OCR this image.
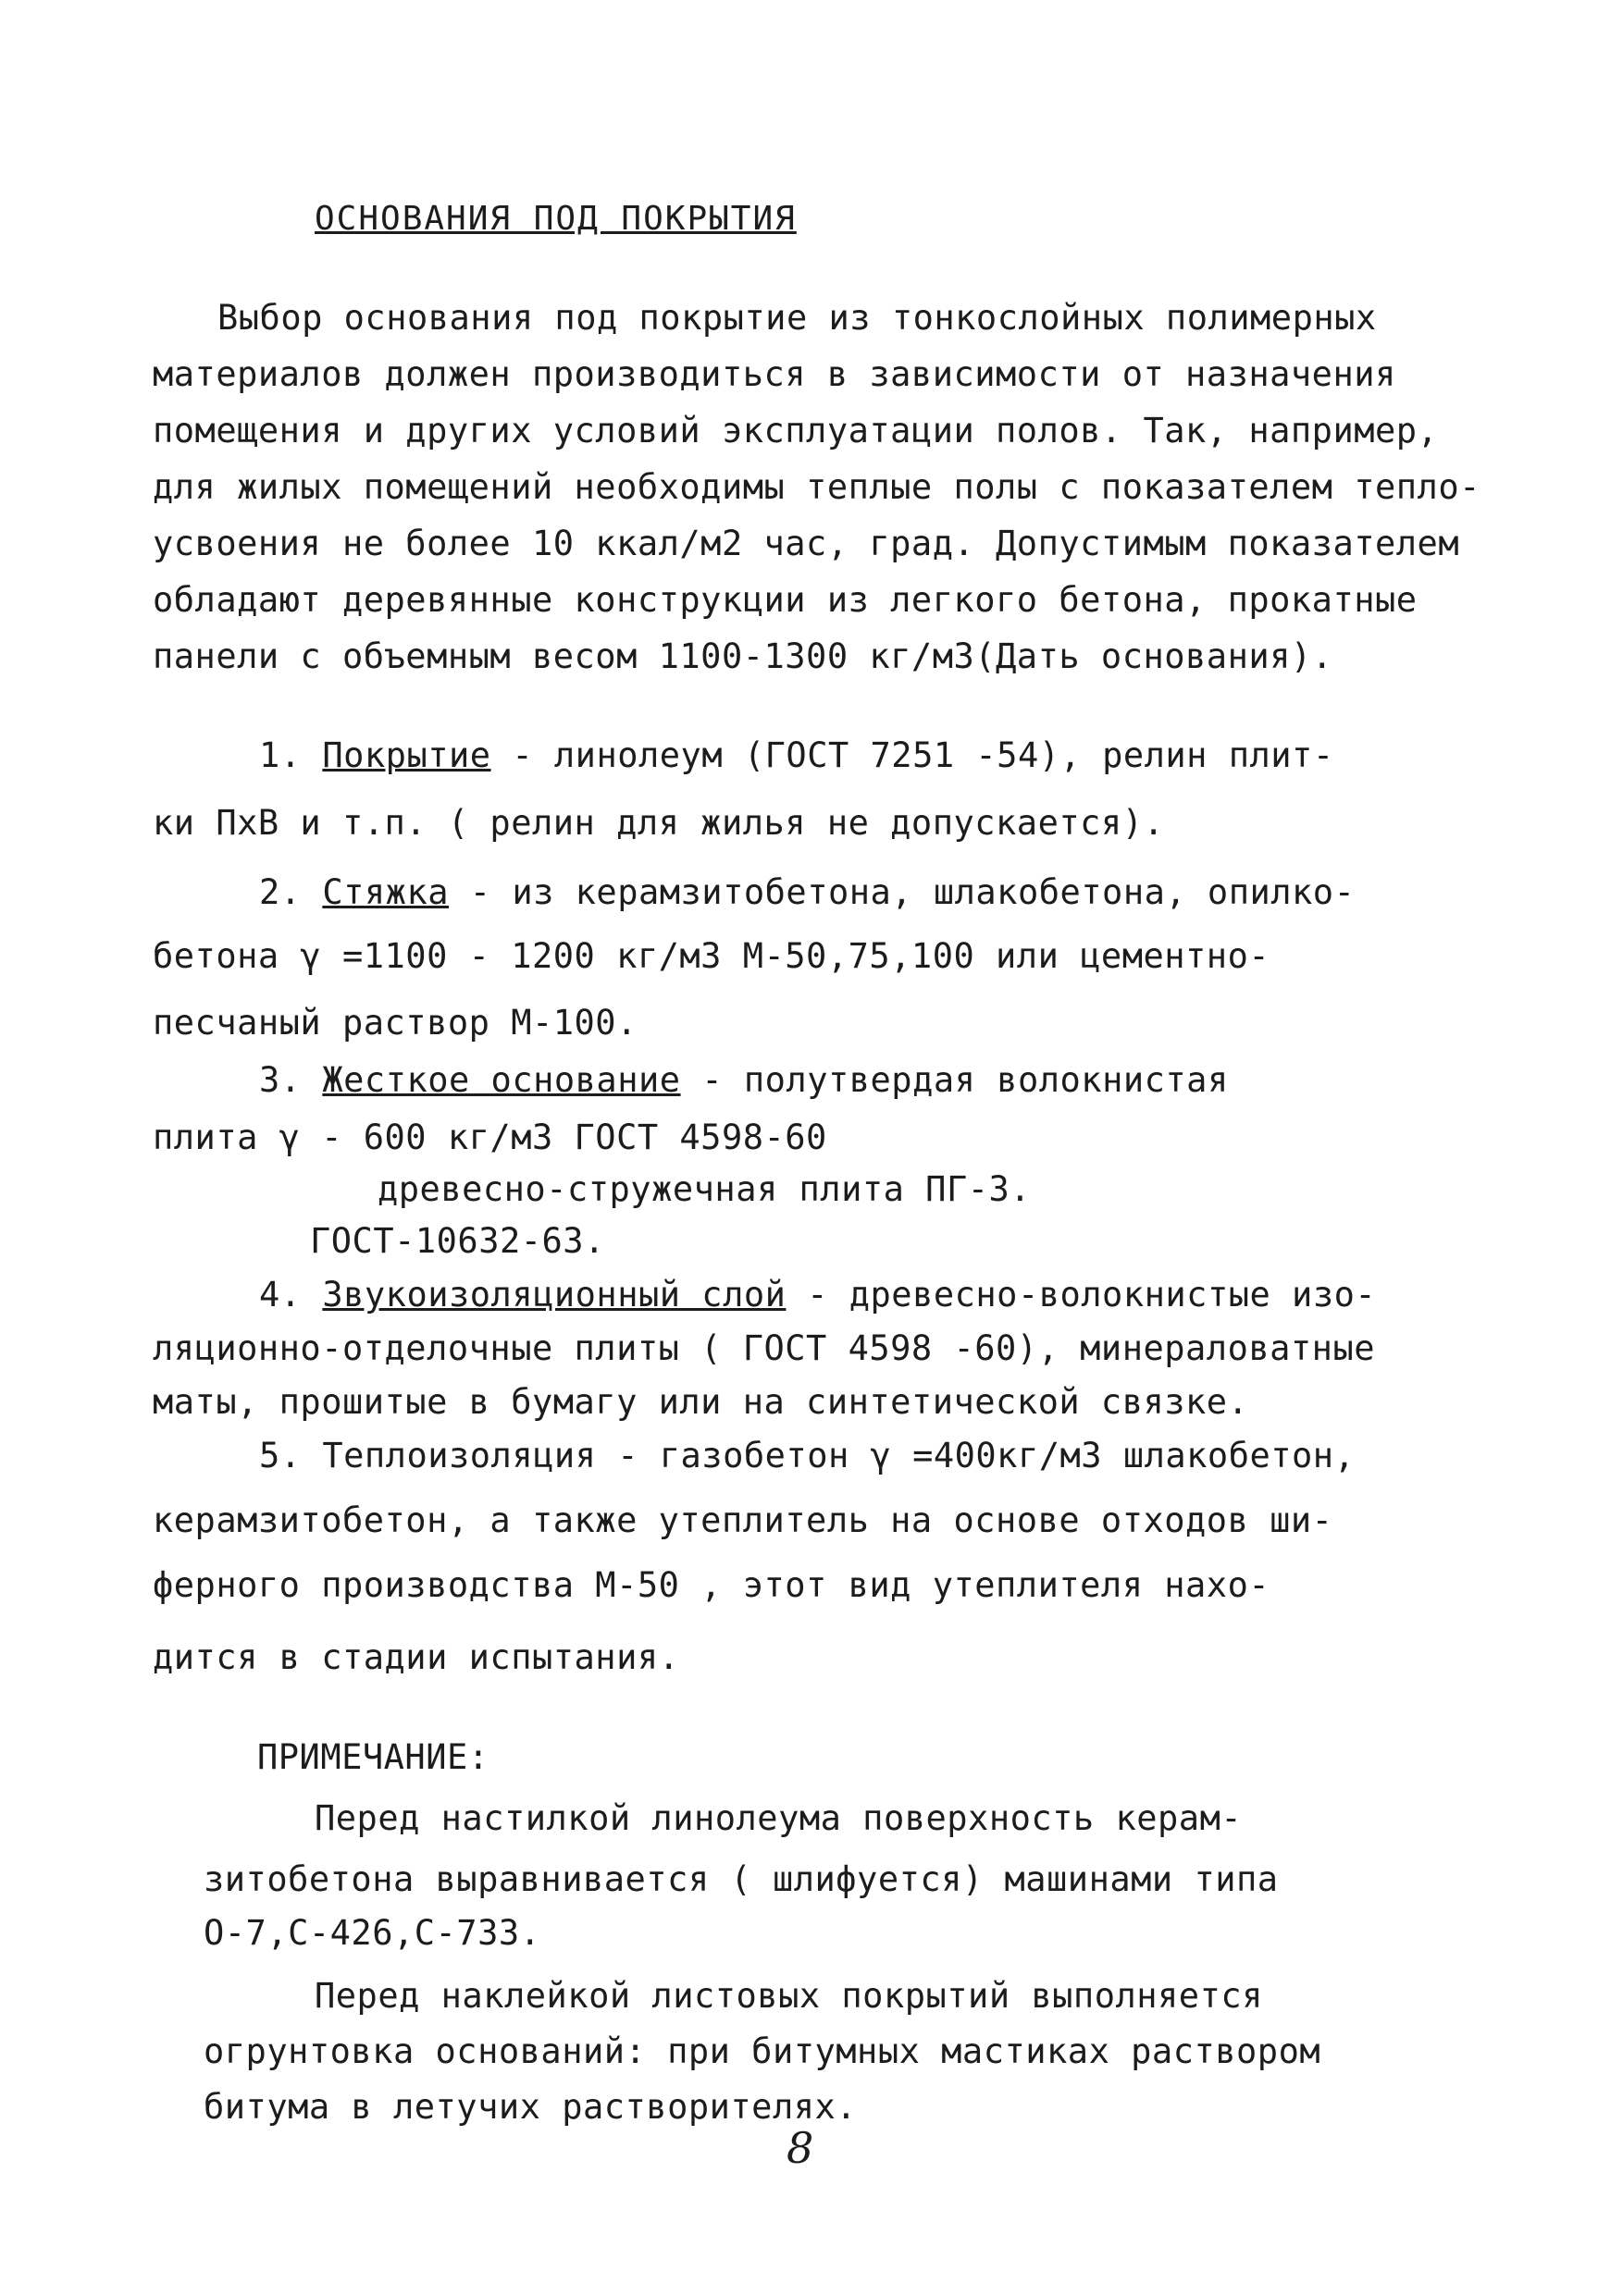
ОСНОВАНИЯ ПОД ПОКРЫТИЯ
Выбор основания под покрытие из тонкослойных полимерных
материалов должен производиться в зависимости от назначения
помещения и других условий эксплуатации полов. Так, например,
для жилых помещений необходимы теплые полы с показателем тепло-
усвоения не более 10 ккал/м2 час, град. Допустимым показателем
обладают деревянные конструкции из легкого бетона, прокатные
панели с объемным весом 1100-1300 кг/м3(Дать основания).
1. Покрытие - линолеум (ГОСТ 7251 -54), релин плит-
ки ПхВ и т.п. ( релин для жилья не допускается).
2. Стяжка - из керамзитобетона, шлакобетона, опилко-
бетона γ =1100 - 1200 кг/м3 М-50,75,100 или цементно-
песчаный раствор М-100.
3. Жесткое основание - полутвердая волокнистая
плита γ - 600 кг/м3 ГОСТ 4598-60
древесно-стружечная плита ПГ-3.
ГОСТ-10632-63.
4. Звукоизоляционный слой - древесно-волокнистые изо-
ляционно-отделочные плиты ( ГОСТ 4598 -60), минераловатные
маты, прошитые в бумагу или на синтетической связке.
5. Теплоизоляция - газобетон γ =400кг/м3 шлакобетон,
керамзитобетон, а также утеплитель на основе отходов ши-
ферного производства М-50 , этот вид утеплителя нахо-
дится в стадии испытания.
ПРИМЕЧАНИЕ:
Перед настилкой линолеума поверхность керам-
зитобетона выравнивается ( шлифуется) машинами типа
О-7,С-426,С-733.
Перед наклейкой листовых покрытий выполняется
огрунтовка оснований: при битумных мастиках раствором
битума в летучих растворителях.
8
